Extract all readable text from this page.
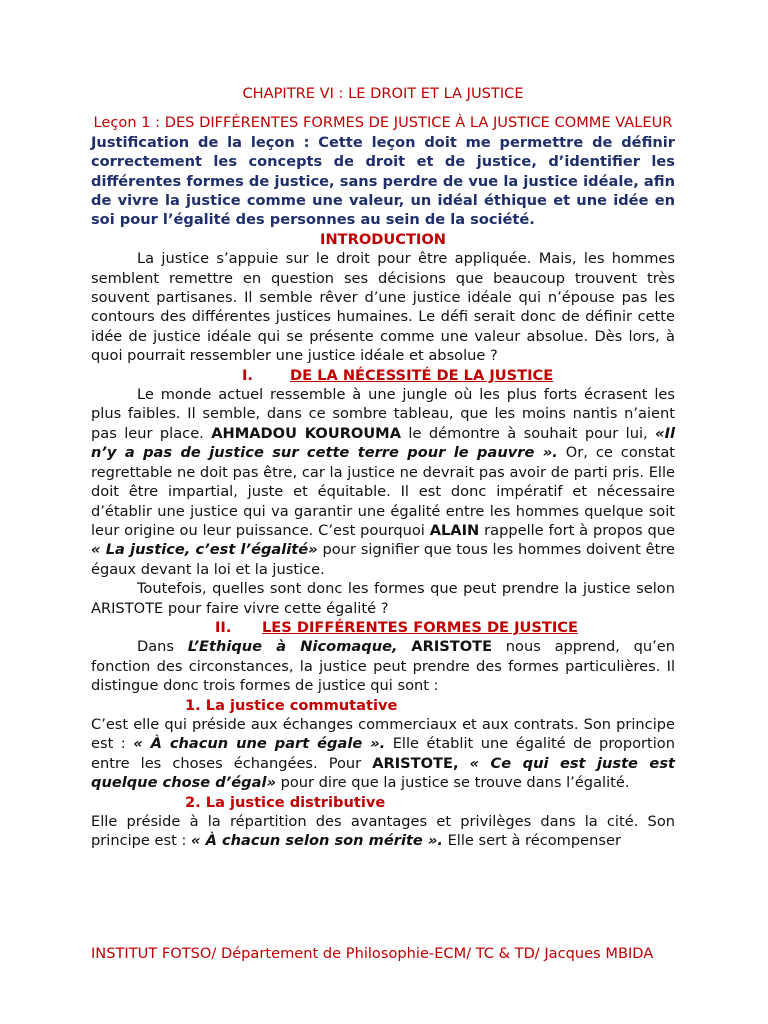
CHAPITRE VI : LE DROIT ET LA JUSTICE
Leçon 1 : DES DIFFÉRENTES FORMES DE JUSTICE À LA JUSTICE COMME VALEUR

Justification de la leçon : Cette leçon doit me permettre de définir correctement les concepts de droit et de justice, d’identifier les différentes formes de justice, sans perdre de vue la justice idéale, afin de vivre la justice comme une valeur, un idéal éthique et une idée en soi pour l’égalité des personnes au sein de la société.

INTRODUCTION

La justice s’appuie sur le droit pour être appliquée. Mais, les hommes semblent remettre en question ses décisions que beaucoup trouvent très souvent partisanes. Il semble rêver d’une justice idéale qui n’épouse pas les contours des différentes justices humaines. Le défi serait donc de définir cette idée de justice idéale qui se présente comme une valeur absolue. Dès lors, à quoi pourrait ressembler une justice idéale et absolue ?

I.	DE LA NÉCESSITÉ DE LA JUSTICE

Le monde actuel ressemble à une jungle où les plus forts écrasent les plus faibles. Il semble, dans ce sombre tableau, que les moins nantis n’aient pas leur place. AHMADOU KOUROUMA le démontre à souhait pour lui, «Il n’y a pas de justice sur cette terre pour le pauvre ». Or, ce constat regrettable ne doit pas être, car la justice ne devrait pas avoir de parti pris. Elle doit être impartial, juste et équitable. Il est donc impératif et nécessaire d’établir une justice qui va garantir une égalité entre les hommes quelque soit leur origine ou leur puissance. C’est pourquoi ALAIN rappelle fort à propos que « La justice, c’est l’égalité» pour signifier que tous les hommes doivent être égaux devant la loi et la justice.

Toutefois, quelles sont donc les formes que peut prendre la justice selon ARISTOTE pour faire vivre cette égalité ?

II. LES DIFFÉRENTES FORMES DE JUSTICE

Dans L’Ethique à Nicomaque, ARISTOTE nous apprend, qu’en fonction des circonstances, la justice peut prendre des formes particulières. Il distingue donc trois formes de justice qui sont :

1. La justice commutative

C’est elle qui préside aux échanges commerciaux et aux contrats. Son principe est : « À chacun une part égale ». Elle établit une égalité de proportion entre les choses échangées. Pour ARISTOTE, « Ce qui est juste est quelque chose d’égal» pour dire que la justice se trouve dans l’égalité.

2. La justice distributive

Elle préside à la répartition des avantages et privilèges dans la cité. Son principe est : « À chacun selon son mérite ». Elle sert à récompenser

INSTITUT FOTSO/ Département de Philosophie-ECM/ TC & TD/ Jacques MBIDA
